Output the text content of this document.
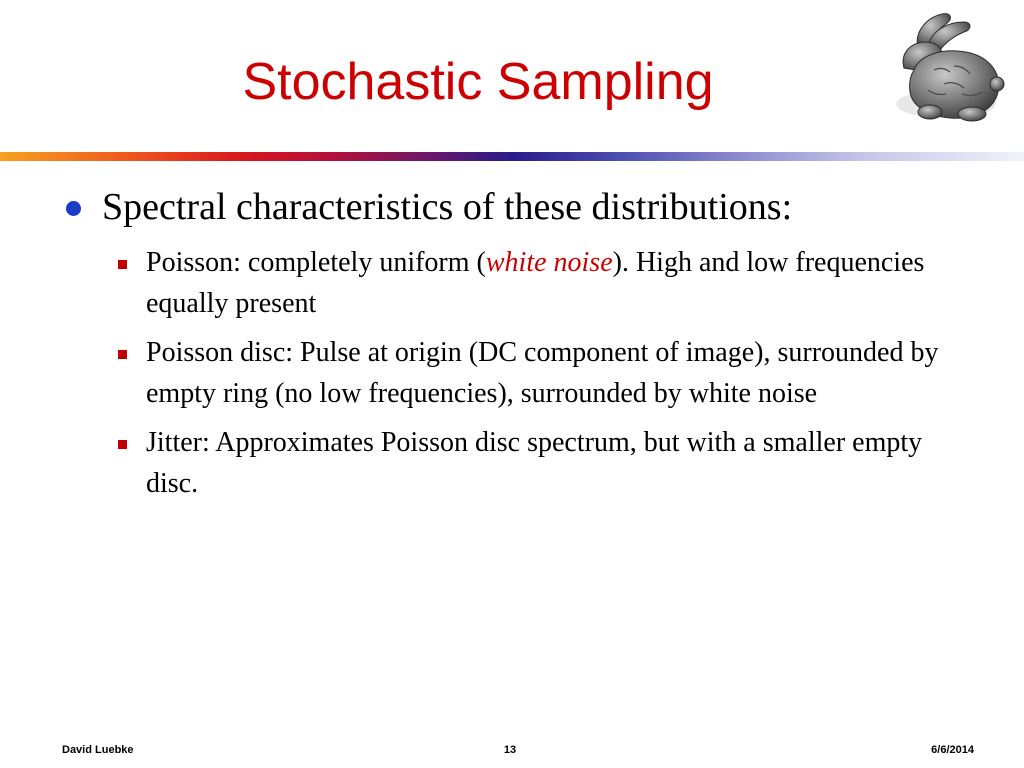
Stochastic Sampling
Spectral characteristics of these distributions:
Poisson: completely uniform (white noise). High and low frequencies equally present
Poisson disc: Pulse at origin (DC component of image), surrounded by empty ring (no low frequencies), surrounded by white noise
Jitter: Approximates Poisson disc spectrum, but with a smaller empty disc.
David Luebke	13	6/6/2014
